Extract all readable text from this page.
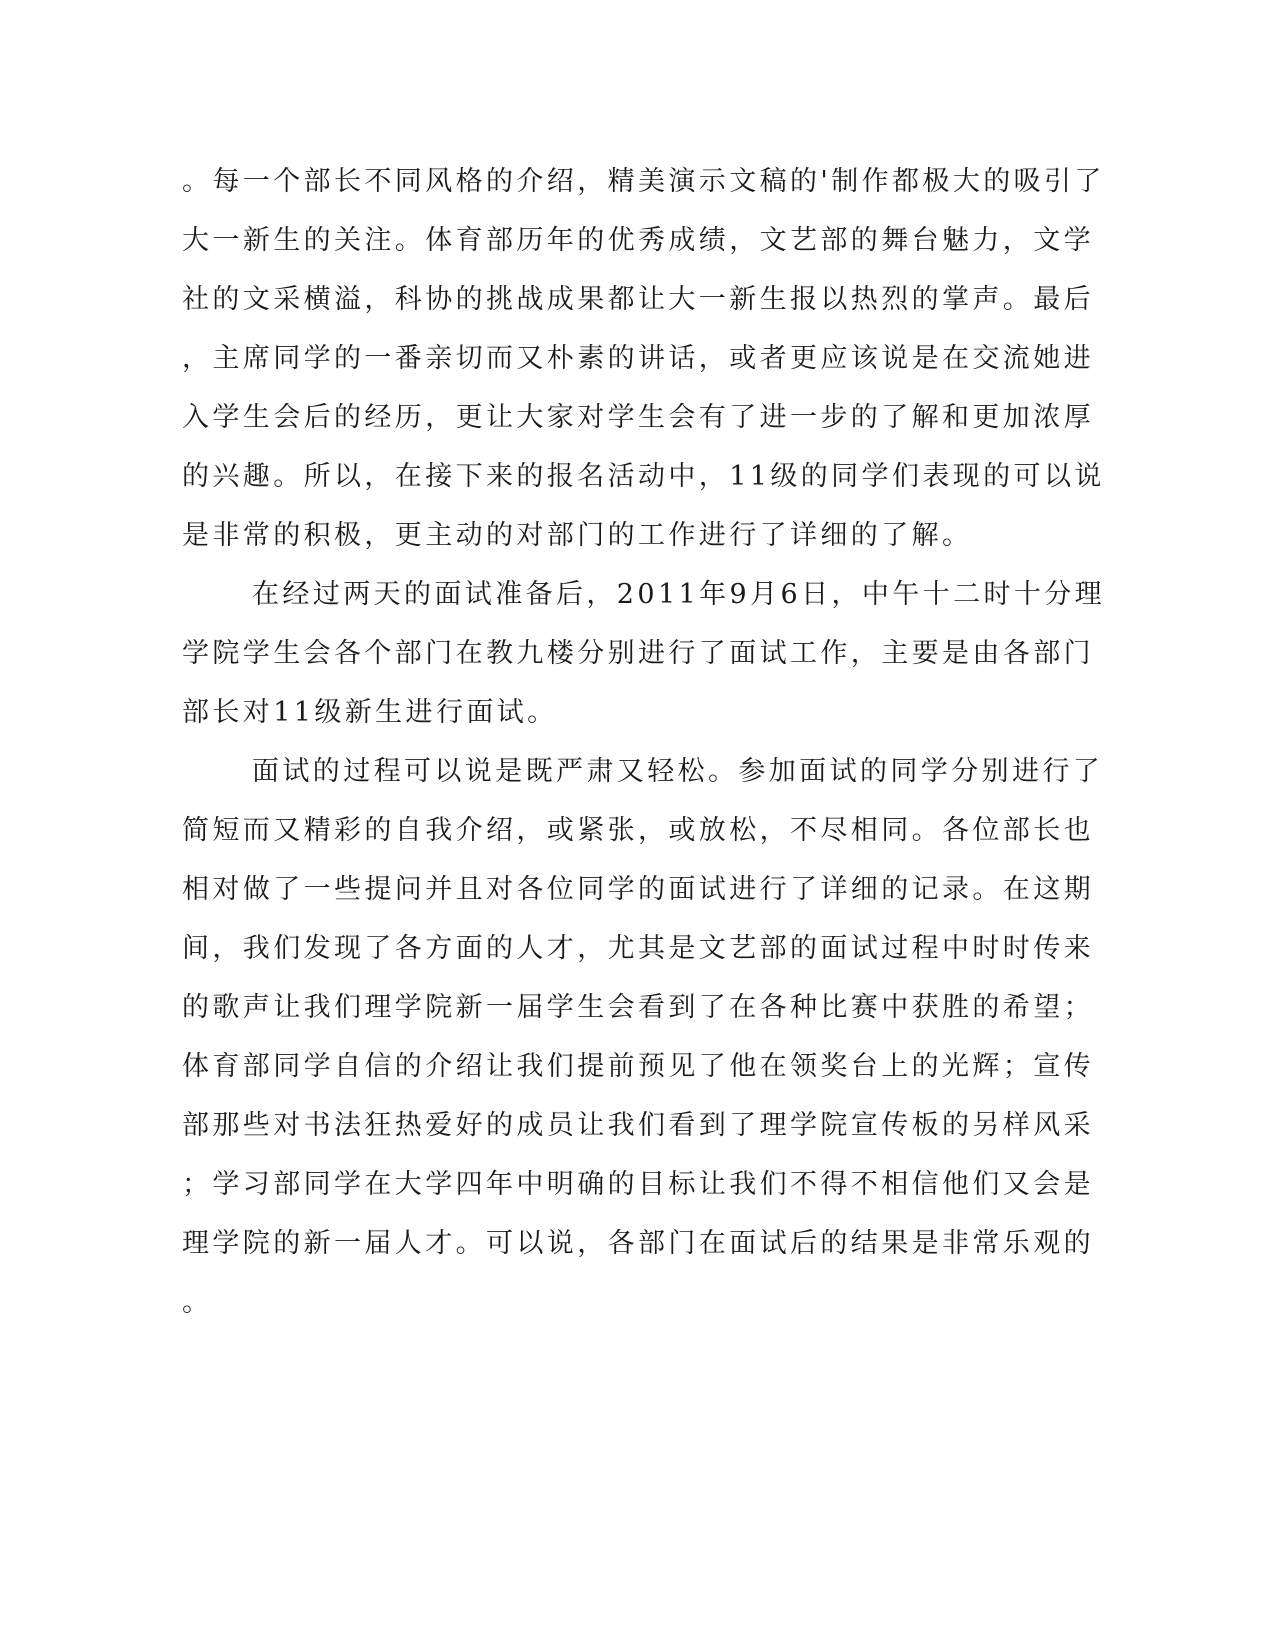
。每一个部长不同风格的介绍，精美演示文稿的'制作都极大的吸引了

大一新生的关注。体育部历年的优秀成绩，文艺部的舞台魅力，文学

社的文采横溢，科协的挑战成果都让大一新生报以热烈的掌声。最后

，主席同学的一番亲切而又朴素的讲话，或者更应该说是在交流她进

入学生会后的经历，更让大家对学生会有了进一步的了解和更加浓厚

的兴趣。所以，在接下来的报名活动中，11级的同学们表现的可以说

是非常的积极，更主动的对部门的工作进行了详细的了解。

在经过两天的面试准备后，2011年9月6日，中午十二时十分理

学院学生会各个部门在教九楼分别进行了面试工作，主要是由各部门

部长对11级新生进行面试。

面试的过程可以说是既严肃又轻松。参加面试的同学分别进行了

简短而又精彩的自我介绍，或紧张，或放松，不尽相同。各位部长也

相对做了一些提问并且对各位同学的面试进行了详细的记录。在这期

间，我们发现了各方面的人才，尤其是文艺部的面试过程中时时传来

的歌声让我们理学院新一届学生会看到了在各种比赛中获胜的希望；

体育部同学自信的介绍让我们提前预见了他在领奖台上的光辉；宣传

部那些对书法狂热爱好的成员让我们看到了理学院宣传板的另样风采

；学习部同学在大学四年中明确的目标让我们不得不相信他们又会是

理学院的新一届人才。可以说，各部门在面试后的结果是非常乐观的

。
